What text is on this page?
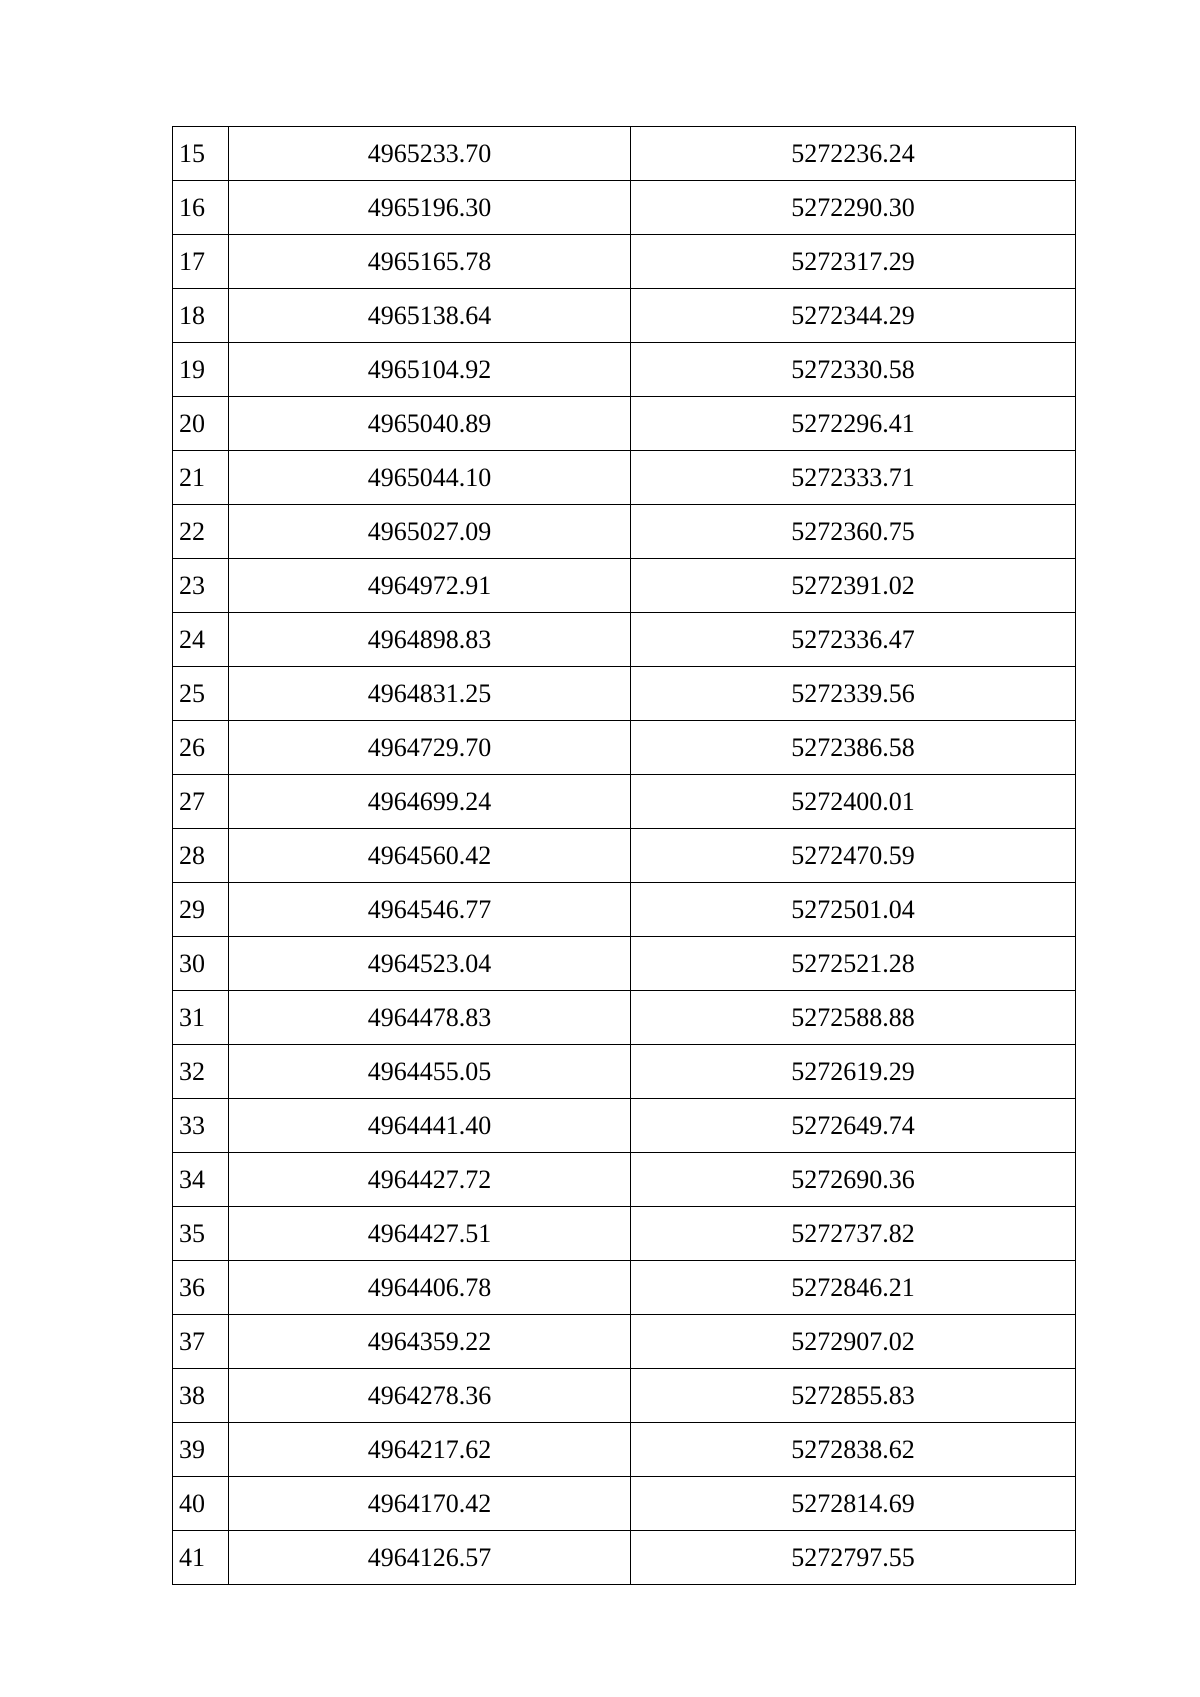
15	4965233.70	5272236.24
16	4965196.30	5272290.30
17	4965165.78	5272317.29
18	4965138.64	5272344.29
19	4965104.92	5272330.58
20	4965040.89	5272296.41
21	4965044.10	5272333.71
22	4965027.09	5272360.75
23	4964972.91	5272391.02
24	4964898.83	5272336.47
25	4964831.25	5272339.56
26	4964729.70	5272386.58
27	4964699.24	5272400.01
28	4964560.42	5272470.59
29	4964546.77	5272501.04
30	4964523.04	5272521.28
31	4964478.83	5272588.88
32	4964455.05	5272619.29
33	4964441.40	5272649.74
34	4964427.72	5272690.36
35	4964427.51	5272737.82
36	4964406.78	5272846.21
37	4964359.22	5272907.02
38	4964278.36	5272855.83
39	4964217.62	5272838.62
40	4964170.42	5272814.69
41	4964126.57	5272797.55
